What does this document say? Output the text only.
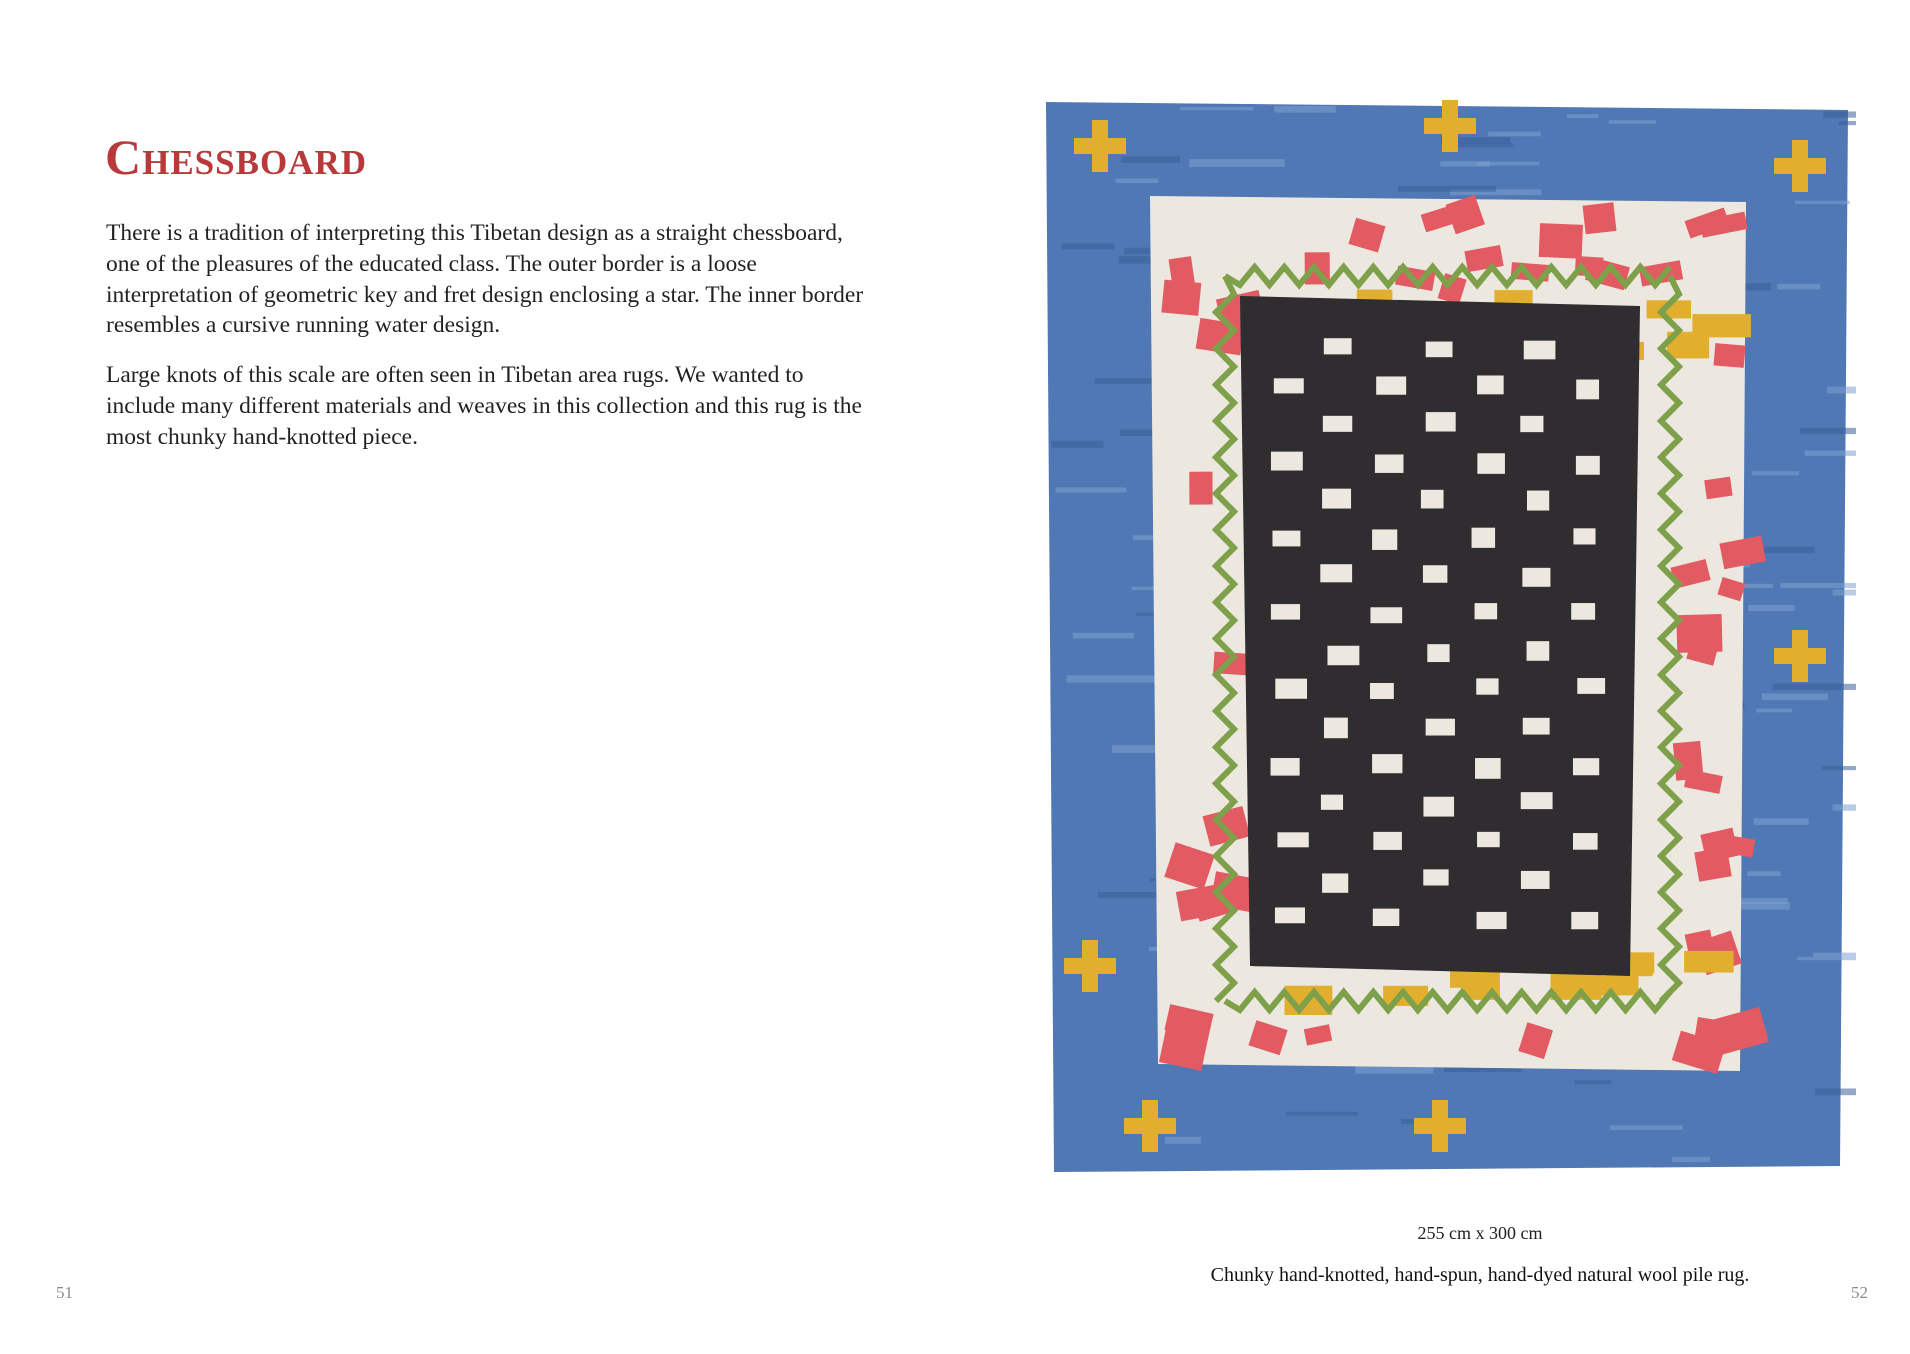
Chessboard

There is a tradition of interpreting this Tibetan design as a straight chessboard, one of the pleasures of the educated class. The outer border is a loose interpretation of geometric key and fret design enclosing a star. The inner border resembles a cursive running water design.

Large knots of this scale are often seen in Tibetan area rugs. We wanted to include many different materials and weaves in this collection and this rug is the most chunky hand-knotted piece.

255 cm x 300 cm
Chunky hand-knotted, hand-spun, hand-dyed natural wool pile rug.
51	52
